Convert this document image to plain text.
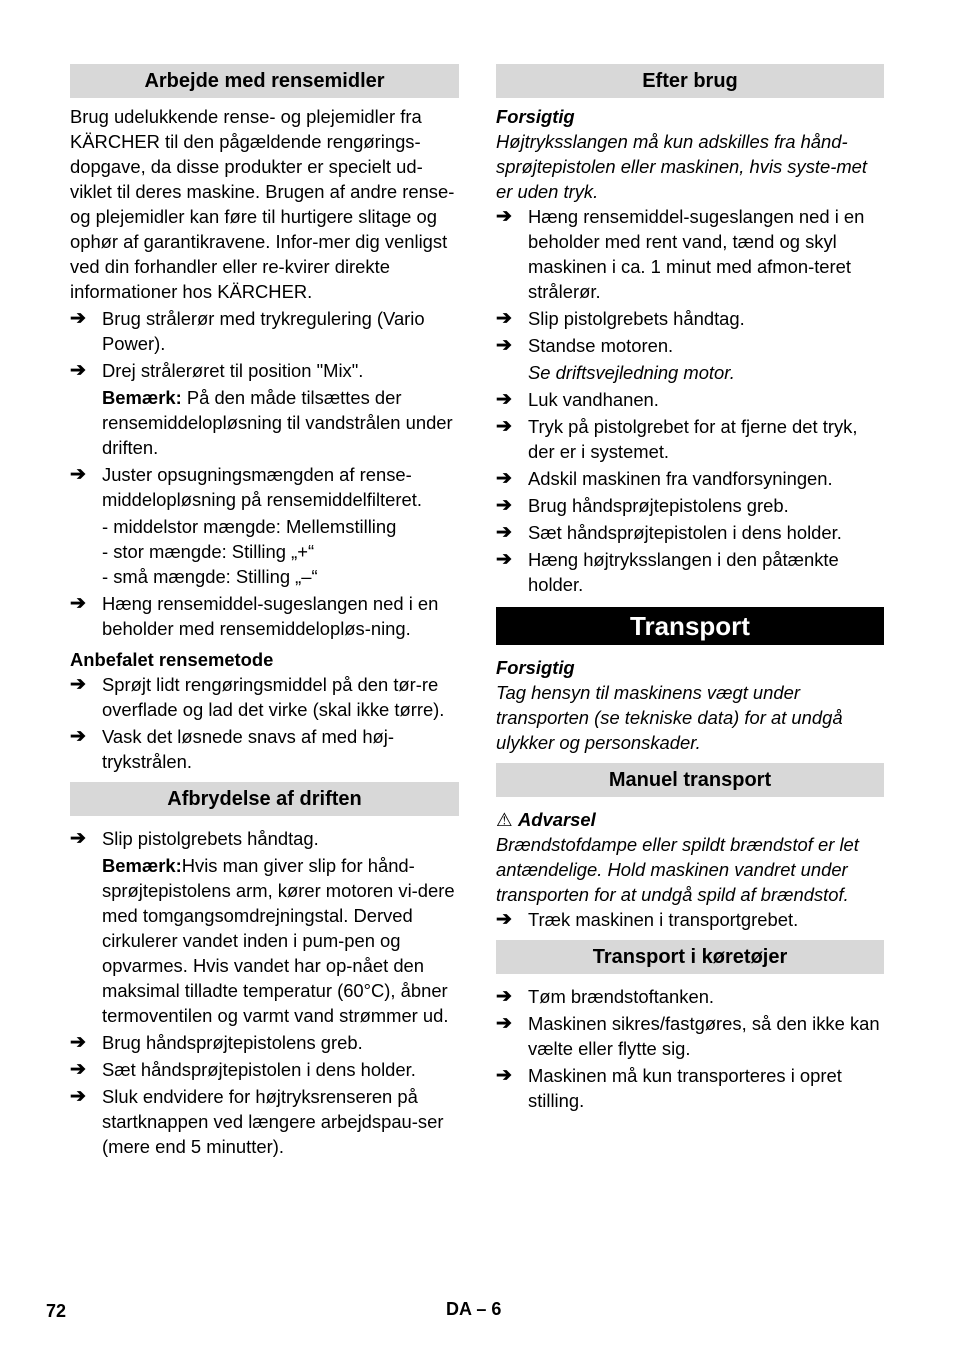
Arbejde med rensemidler

Brug udelukkende rense- og plejemidler fra KÄRCHER til den pågældende rengørings-dopgave, da disse produkter er specielt ud-viklet til deres maskine. Brugen af andre rense- og plejemidler kan føre til hurtigere slitage og ophør af garantikravene. Infor-mer dig venligst ved din forhandler eller re-kvirer direkte informationer hos KÄRCHER.

➔ Brug strålerør med trykregulering (Vario Power).
➔ Drej strålerøret til position "Mix".

Bemærk: På den måde tilsættes der rensemiddelopløsning til vandstrålen under driften.

➔ Juster opsugningsmængden af rense-middelopløsning på rensemiddelfilteret.

- middelstor mængde: Mellemstilling

- stor mængde: Stilling „+“

- små mængde: Stilling „–“

➔ Hæng rensemiddel-sugeslangen ned i en beholder med rensemiddelopløs-ning.

Anbefalet rensemetode

➔ Sprøjt lidt rengøringsmiddel på den tør-re overflade og lad det virke (skal ikke tørre).
➔ Vask det løsnede snavs af med høj-trykstrålen.
Afbrydelse af driften
➔ Slip pistolgrebets håndtag.

Bemærk:Hvis man giver slip for hånd-sprøjtepistolens arm, kører motoren vi-dere med tomgangsomdrejningstal. Derved cirkulerer vandet inden i pum-pen og opvarmes. Hvis vandet har op-nået den maksimal tilladte temperatur (60°C), åbner termoventilen og varmt vand strømmer ud.

➔ Brug håndsprøjtepistolens greb.
➔ Sæt håndsprøjtepistolen i dens holder.
➔ Sluk endvidere for højtryksrenseren på startknappen ved længere arbejdspau-ser (mere end 5 minutter).
Efter brug

Forsigtig

Højtryksslangen må kun adskilles fra hånd-sprøjtepistolen eller maskinen, hvis syste-met er uden tryk.

➔ Hæng rensemiddel-sugeslangen ned i en beholder med rent vand, tænd og skyl maskinen i ca. 1 minut med afmon-teret strålerør.
➔ Slip pistolgrebets håndtag.
➔ Standse motoren.

Se driftsvejledning motor.

➔ Luk vandhanen.
➔ Tryk på pistolgrebet for at fjerne det tryk, der er i systemet.
➔ Adskil maskinen fra vandforsyningen.
➔ Brug håndsprøjtepistolens greb.
➔ Sæt håndsprøjtepistolen i dens holder.
➔ Hæng højtryksslangen i den påtænkte holder.
Transport

Forsigtig

Tag hensyn til maskinens vægt under transporten (se tekniske data) for at undgå ulykker og personskader.

Manuel transport

⚠ Advarsel

Brændstofdampe eller spildt brændstof er let antændelige. Hold maskinen vandret under transporten for at undgå spild af brændstof.

➔ Træk maskinen i transportgrebet.
Transport i køretøjer
➔ Tøm brændstoftanken.
➔ Maskinen sikres/fastgøres, så den ikke kan vælte eller flytte sig.
➔ Maskinen må kun transporteres i opret stilling.
72	DA – 6
